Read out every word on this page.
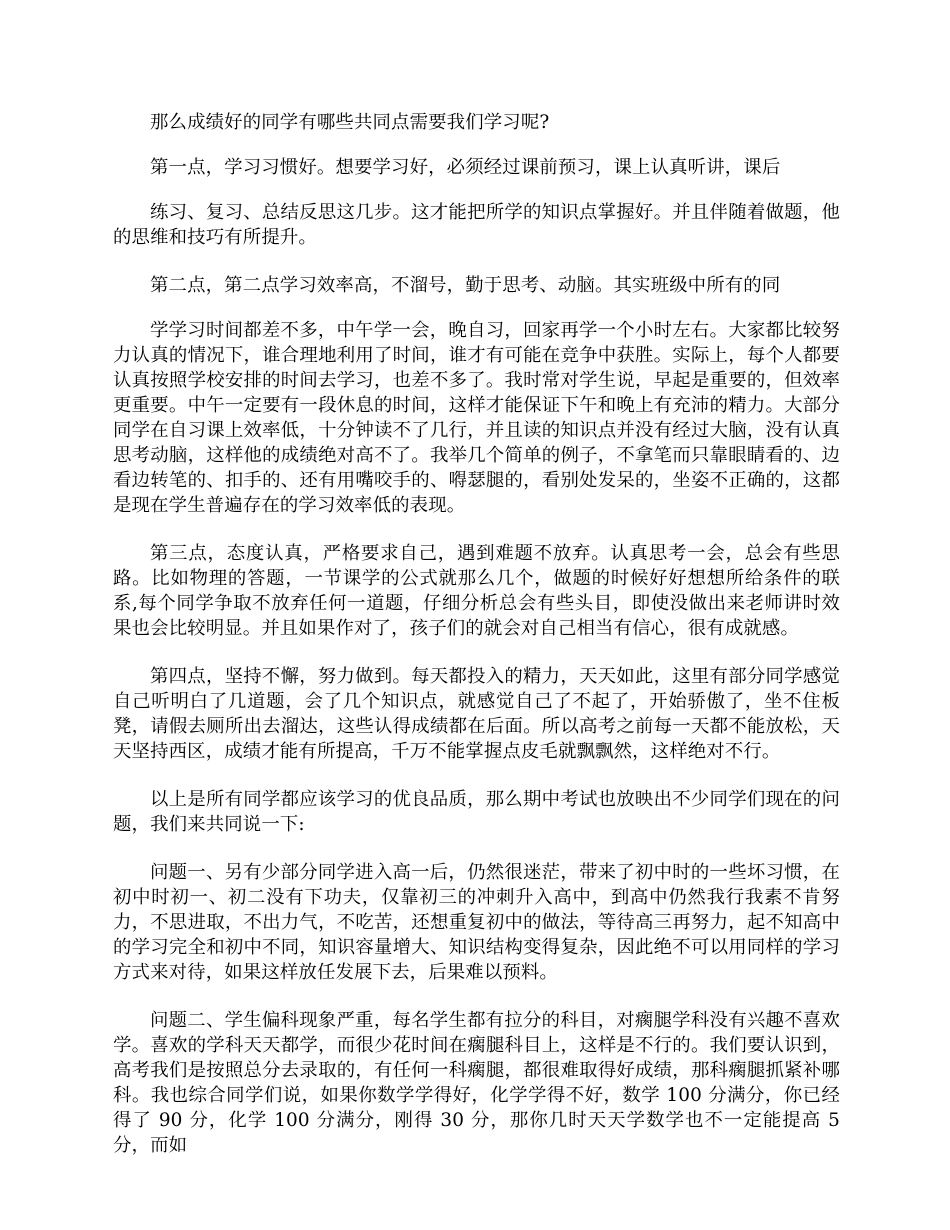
那么成绩好的同学有哪些共同点需要我们学习呢?

第一点，学习习惯好。想要学习好，必须经过课前预习，课上认真听讲，课后

练习、复习、总结反思这几步。这才能把所学的知识点掌握好。并且伴随着做题，他的思维和技巧有所提升。

第二点，第二点学习效率高，不溜号，勤于思考、动脑。其实班级中所有的同

学学习时间都差不多，中午学一会，晚自习，回家再学一个小时左右。大家都比较努力认真的情况下，谁合理地利用了时间，谁才有可能在竞争中获胜。实际上，每个人都要认真按照学校安排的时间去学习，也差不多了。我时常对学生说，早起是重要的，但效率更重要。中午一定要有一段休息的时间，这样才能保证下午和晚上有充沛的精力。大部分同学在自习课上效率低，十分钟读不了几行，并且读的知识点并没有经过大脑，没有认真思考动脑，这样他的成绩绝对高不了。我举几个简单的例子，不拿笔而只靠眼睛看的、边看边转笔的、扣手的、还有用嘴咬手的、嘚瑟腿的，看别处发呆的，坐姿不正确的，这都是现在学生普遍存在的学习效率低的表现。

第三点，态度认真，严格要求自己，遇到难题不放弃。认真思考一会，总会有些思路。比如物理的答题，一节课学的公式就那么几个，做题的时候好好想想所给条件的联系,每个同学争取不放弃任何一道题，仔细分析总会有些头目，即使没做出来老师讲时效果也会比较明显。并且如果作对了，孩子们的就会对自己相当有信心，很有成就感。

第四点，坚持不懈，努力做到。每天都投入的精力，天天如此，这里有部分同学感觉自己听明白了几道题，会了几个知识点，就感觉自己了不起了，开始骄傲了，坐不住板凳，请假去厕所出去溜达，这些认得成绩都在后面。所以高考之前每一天都不能放松，天天坚持西区，成绩才能有所提高，千万不能掌握点皮毛就飘飘然，这样绝对不行。

以上是所有同学都应该学习的优良品质，那么期中考试也放映出不少同学们现在的问题，我们来共同说一下:

问题一、另有少部分同学进入高一后，仍然很迷茫，带来了初中时的一些坏习惯，在初中时初一、初二没有下功夫，仅靠初三的冲刺升入高中，到高中仍然我行我素不肯努力，不思进取，不出力气，不吃苦，还想重复初中的做法，等待高三再努力，起不知高中的学习完全和初中不同，知识容量增大、知识结构变得复杂，因此绝不可以用同样的学习方式来对待，如果这样放任发展下去，后果难以预料。

问题二、学生偏科现象严重，每名学生都有拉分的科目，对瘸腿学科没有兴趣不喜欢学。喜欢的学科天天都学，而很少花时间在瘸腿科目上，这样是不行的。我们要认识到，高考我们是按照总分去录取的，有任何一科瘸腿，都很难取得好成绩，那科瘸腿抓紧补哪科。我也综合同学们说，如果你数学学得好，化学学得不好，数学 100 分满分，你已经得了 90 分，化学 100 分满分，刚得 30 分，那你几时天天学数学也不一定能提高 5 分，而如
